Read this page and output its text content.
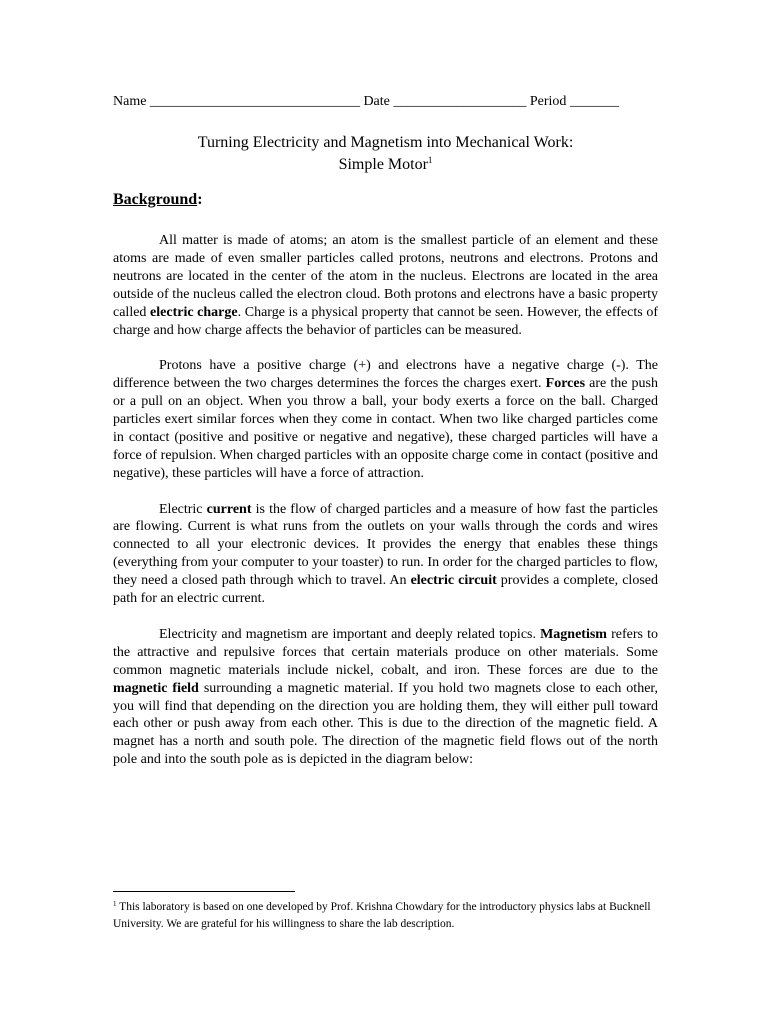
Name ______________________________ Date ___________________ Period _______
Turning Electricity and Magnetism into Mechanical Work:
Simple Motor$^1$
Background:

All matter is made of atoms; an atom is the smallest particle of an element and these atoms are made of even smaller particles called protons, neutrons and electrons. Protons and neutrons are located in the center of the atom in the nucleus. Electrons are located in the area outside of the nucleus called the electron cloud. Both protons and electrons have a basic property called electric charge. Charge is a physical property that cannot be seen. However, the effects of charge and how charge affects the behavior of particles can be measured.

Protons have a positive charge (+) and electrons have a negative charge (-). The difference between the two charges determines the forces the charges exert. Forces are the push or a pull on an object. When you throw a ball, your body exerts a force on the ball. Charged particles exert similar forces when they come in contact. When two like charged particles come in contact (positive and positive or negative and negative), these charged particles will have a force of repulsion. When charged particles with an opposite charge come in contact (positive and negative), these particles will have a force of attraction.

Electric current is the flow of charged particles and a measure of how fast the particles are flowing. Current is what runs from the outlets on your walls through the cords and wires connected to all your electronic devices. It provides the energy that enables these things (everything from your computer to your toaster) to run. In order for the charged particles to flow, they need a closed path through which to travel. An electric circuit provides a complete, closed path for an electric current.

Electricity and magnetism are important and deeply related topics. Magnetism refers to the attractive and repulsive forces that certain materials produce on other materials. Some common magnetic materials include nickel, cobalt, and iron. These forces are due to the magnetic field surrounding a magnetic material. If you hold two magnets close to each other, you will find that depending on the direction you are holding them, they will either pull toward each other or push away from each other. This is due to the direction of the magnetic field. A magnet has a north and south pole. The direction of the magnetic field flows out of the north pole and into the south pole as is depicted in the diagram below:

$^1$ This laboratory is based on one developed by Prof. Krishna Chowdary for the introductory physics labs at Bucknell University. We are grateful for his willingness to share the lab description.
